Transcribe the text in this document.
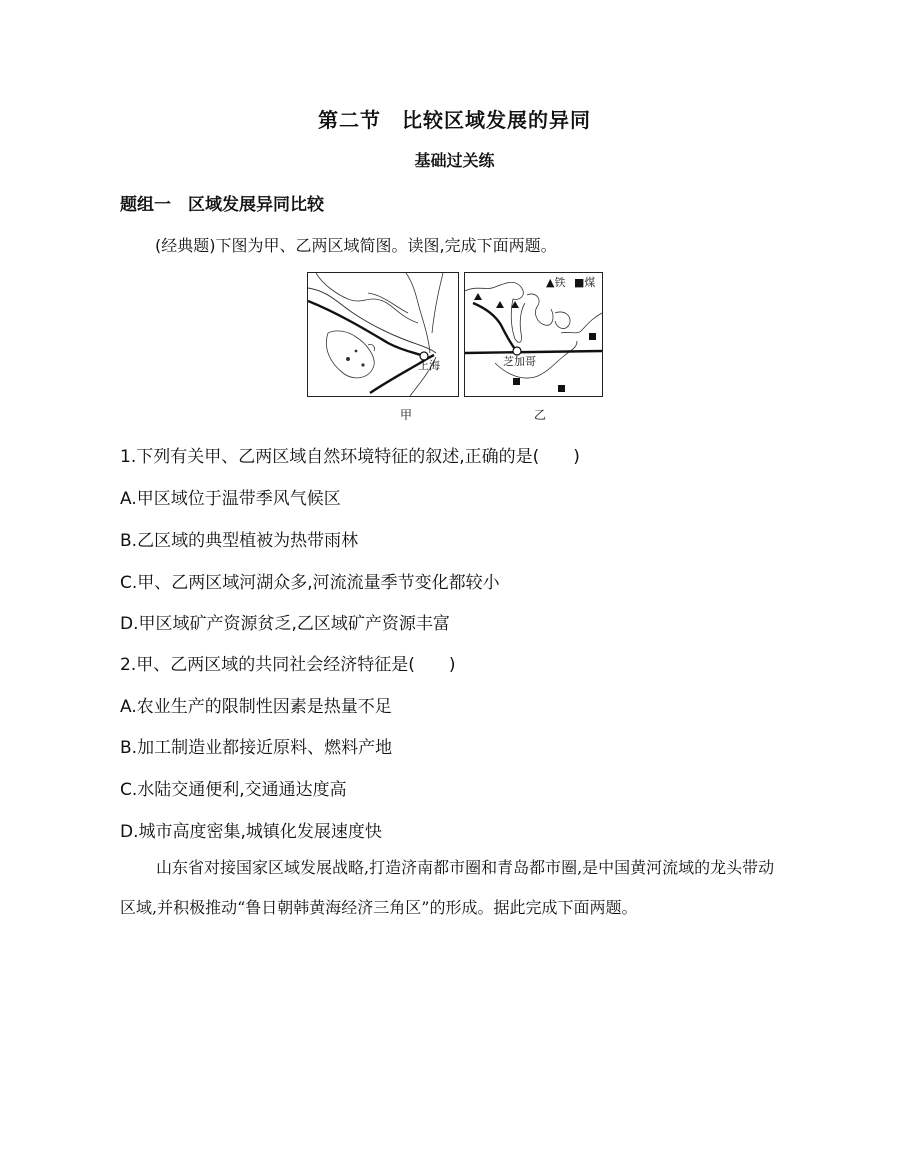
第二节　比较区域发展的异同
基础过关练
题组一　区域发展异同比较
(经典题)下图为甲、乙两区域简图。读图,完成下面两题。
上海
甲
▲铁 ■煤
芝加哥
乙
1.下列有关甲、乙两区域自然环境特征的叙述,正确的是(　　)
A.甲区域位于温带季风气候区
B.乙区域的典型植被为热带雨林
C.甲、乙两区域河湖众多,河流流量季节变化都较小
D.甲区域矿产资源贫乏,乙区域矿产资源丰富
2.甲、乙两区域的共同社会经济特征是(　　)
A.农业生产的限制性因素是热量不足
B.加工制造业都接近原料、燃料产地
C.水陆交通便利,交通通达度高
D.城市高度密集,城镇化发展速度快
山东省对接国家区域发展战略,打造济南都市圈和青岛都市圈,是中国黄河流域的龙头带动区域,并积极推动“鲁日朝韩黄海经济三角区”的形成。据此完成下面两题。
